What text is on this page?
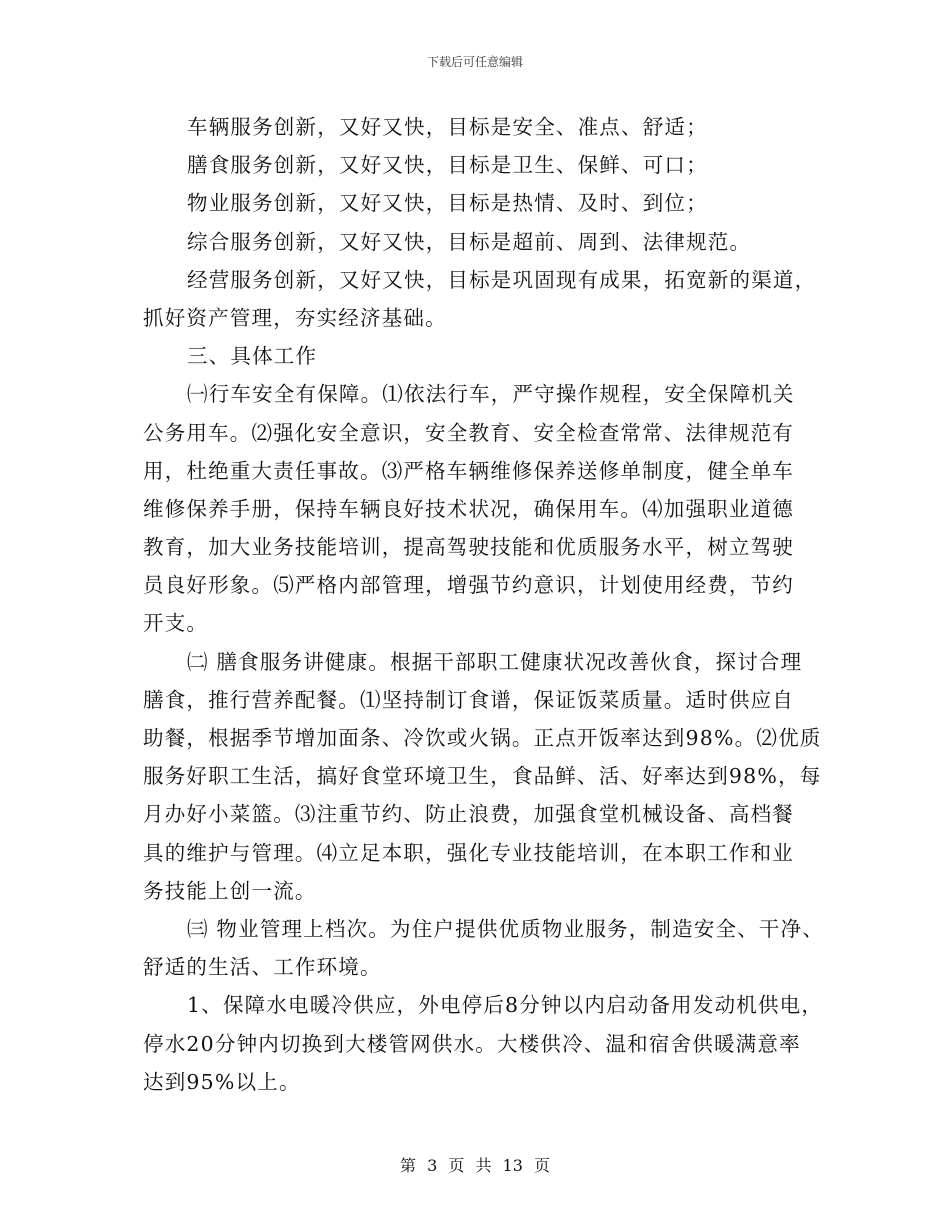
下载后可任意编辑
车辆服务创新，又好又快，目标是安全、准点、舒适；
膳食服务创新，又好又快，目标是卫生、保鲜、可口；
物业服务创新，又好又快，目标是热情、及时、到位；
综合服务创新，又好又快，目标是超前、周到、法律规范。
经营服务创新，又好又快，目标是巩固现有成果，拓宽新的渠道，
抓好资产管理，夯实经济基础。
三、具体工作
㈠行车安全有保障。⑴依法行车，严守操作规程，安全保障机关
公务用车。⑵强化安全意识，安全教育、安全检查常常、法律规范有
用，杜绝重大责任事故。⑶严格车辆维修保养送修单制度，健全单车
维修保养手册，保持车辆良好技术状况，确保用车。⑷加强职业道德
教育，加大业务技能培训，提高驾驶技能和优质服务水平，树立驾驶
员良好形象。⑸严格内部管理，增强节约意识，计划使用经费，节约
开支。
㈡ 膳食服务讲健康。根据干部职工健康状况改善伙食，探讨合理
膳食，推行营养配餐。⑴坚持制订食谱，保证饭菜质量。适时供应自
助餐，根据季节增加面条、冷饮或火锅。正点开饭率达到98%。⑵优质
服务好职工生活，搞好食堂环境卫生，食品鲜、活、好率达到98%，每
月办好小菜篮。⑶注重节约、防止浪费，加强食堂机械设备、高档餐
具的维护与管理。⑷立足本职，强化专业技能培训，在本职工作和业
务技能上创一流。
㈢ 物业管理上档次。为住户提供优质物业服务，制造安全、干净、
舒适的生活、工作环境。
1、保障水电暖冷供应，外电停后8分钟以内启动备用发动机供电，
停水20分钟内切换到大楼管网供水。大楼供冷、温和宿舍供暖满意率
达到95%以上。
第 3 页 共 13 页
